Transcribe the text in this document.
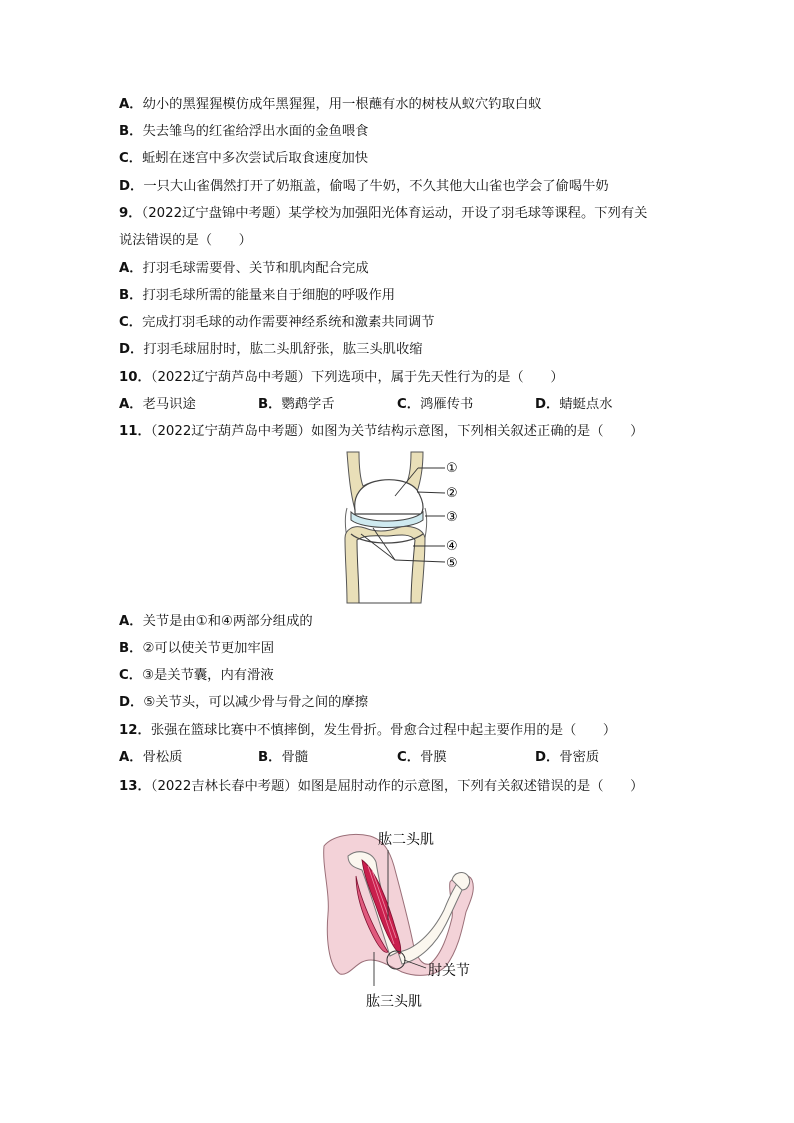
A．幼小的黑猩猩模仿成年黑猩猩，用一根蘸有水的树枝从蚁穴钓取白蚁
B．失去雏鸟的红雀给浮出水面的金鱼喂食
C．蚯蚓在迷宫中多次尝试后取食速度加快
D．一只大山雀偶然打开了奶瓶盖，偷喝了牛奶，不久其他大山雀也学会了偷喝牛奶
9．（2022辽宁盘锦中考题）某学校为加强阳光体育运动，开设了羽毛球等课程。下列有关
说法错误的是（　　）
A．打羽毛球需要骨、关节和肌肉配合完成
B．打羽毛球所需的能量来自于细胞的呼吸作用
C．完成打羽毛球的动作需要神经系统和激素共同调节
D．打羽毛球屈肘时，肱二头肌舒张，肱三头肌收缩
10．（2022辽宁葫芦岛中考题）下列选项中，属于先天性行为的是（　　）
A．老马识途	B．鹦鹉学舌	C．鸿雁传书	D．蜻蜓点水
11．（2022辽宁葫芦岛中考题）如图为关节结构示意图，下列相关叙述正确的是（　　）
①
②
③
④
⑤
A．关节是由①和④两部分组成的
B．②可以使关节更加牢固
C．③是关节囊，内有滑液
D．⑤关节头，可以减少骨与骨之间的摩擦
12．张强在篮球比赛中不慎摔倒，发生骨折。骨愈合过程中起主要作用的是（　　）
A．骨松质	B．骨髓	C．骨膜	D．骨密质
13．（2022吉林长春中考题）如图是屈肘动作的示意图，下列有关叙述错误的是（　　）
肱二头肌
肘关节
肱三头肌
